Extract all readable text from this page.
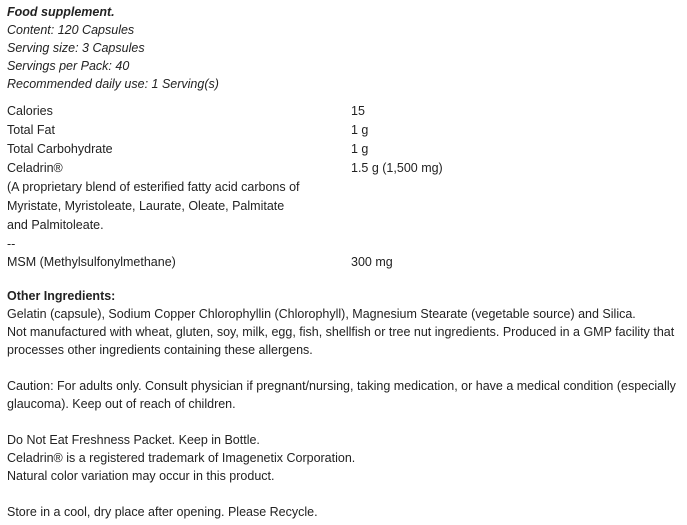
Food supplement.
Content: 120 Capsules
Serving size: 3 Capsules
Servings per Pack: 40
Recommended daily use: 1 Serving(s)
Calories	15
Total Fat	1 g
Total Carbohydrate	1 g
Celadrin®	1.5 g (1,500 mg)
(A proprietary blend of esterified fatty acid carbons of
Myristate, Myristoleate, Laurate, Oleate, Palmitate
and Palmitoleate.
--
MSM (Methylsulfonylmethane)	300 mg
Other Ingredients:
Gelatin (capsule), Sodium Copper Chlorophyllin (Chlorophyll), Magnesium Stearate (vegetable source) and Silica.
Not manufactured with wheat, gluten, soy, milk, egg, fish, shellfish or tree nut ingredients. Produced in a GMP facility that
processes other ingredients containing these allergens.
Caution: For adults only. Consult physician if pregnant/nursing, taking medication, or have a medical condition (especially
glaucoma). Keep out of reach of children.
Do Not Eat Freshness Packet. Keep in Bottle.
Celadrin® is a registered trademark of Imagenetix Corporation.
Natural color variation may occur in this product.
Store in a cool, dry place after opening. Please Recycle.
